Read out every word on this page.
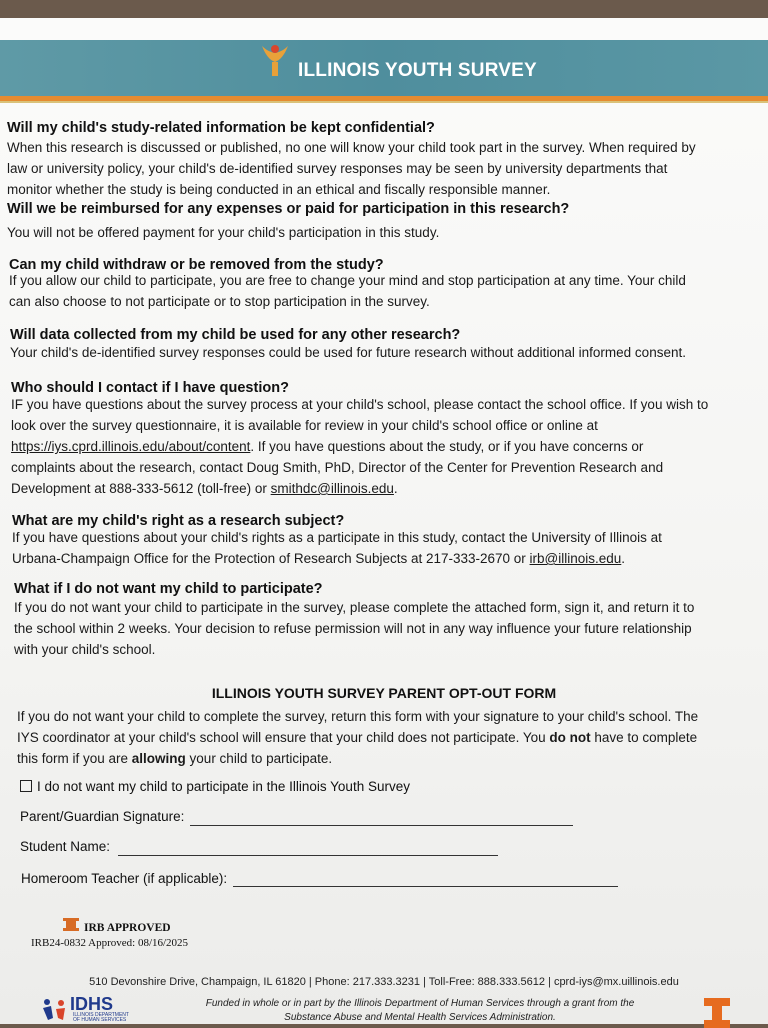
ILLINOIS YOUTH SURVEY
Will my child's study-related information be kept confidential?
When this research is discussed or published, no one will know your child took part in the survey. When required by
law or university policy, your child's de-identified survey responses may be seen by university departments that
monitor whether the study is being conducted in an ethical and fiscally responsible manner.
Will we be reimbursed for any expenses or paid for participation in this research?
You will not be offered payment for your child's participation in this study.
Can my child withdraw or be removed from the study?
If you allow our child to participate, you are free to change your mind and stop participation at any time. Your child
can also choose to not participate or to stop participation in the survey.
Will data collected from my child be used for any other research?
Your child's de-identified survey responses could be used for future research without additional informed consent.
Who should I contact if I have question?
IF you have questions about the survey process at your child's school, please contact the school office. If you wish to
look over the survey questionnaire, it is available for review in your child's school office or online at
https://iys.cprd.illinois.edu/about/content. If you have questions about the study, or if you have concerns or
complaints about the research, contact Doug Smith, PhD, Director of the Center for Prevention Research and
Development at 888-333-5612 (toll-free) or smithdc@illinois.edu.
What are my child's right as a research subject?
If you have questions about your child's rights as a participate in this study, contact the University of Illinois at
Urbana-Champaign Office for the Protection of Research Subjects at 217-333-2670 or irb@illinois.edu.
What if I do not want my child to participate?
If you do not want your child to participate in the survey, please complete the attached form, sign it, and return it to
the school within 2 weeks. Your decision to refuse permission will not in any way influence your future relationship
with your child's school.
ILLINOIS YOUTH SURVEY PARENT OPT-OUT FORM
If you do not want your child to complete the survey, return this form with your signature to your child's school. The
IYS coordinator at your child's school will ensure that your child does not participate. You do not have to complete
this form if you are allowing your child to participate.
I do not want my child to participate in the Illinois Youth Survey
Parent/Guardian Signature:
Student Name:
Homeroom Teacher (if applicable):
IRB APPROVED
IRB24-0832 Approved: 08/16/2025
510 Devonshire Drive, Champaign, IL 61820 | Phone: 217.333.3231 | Toll-Free: 888.333.5612 | cprd-iys@mx.uillinois.edu
IDHS
ILLINOIS DEPARTMENT OF HUMAN SERVICES
Funded in whole or in part by the Illinois Department of Human Services through a grant from the
Substance Abuse and Mental Health Services Administration.
